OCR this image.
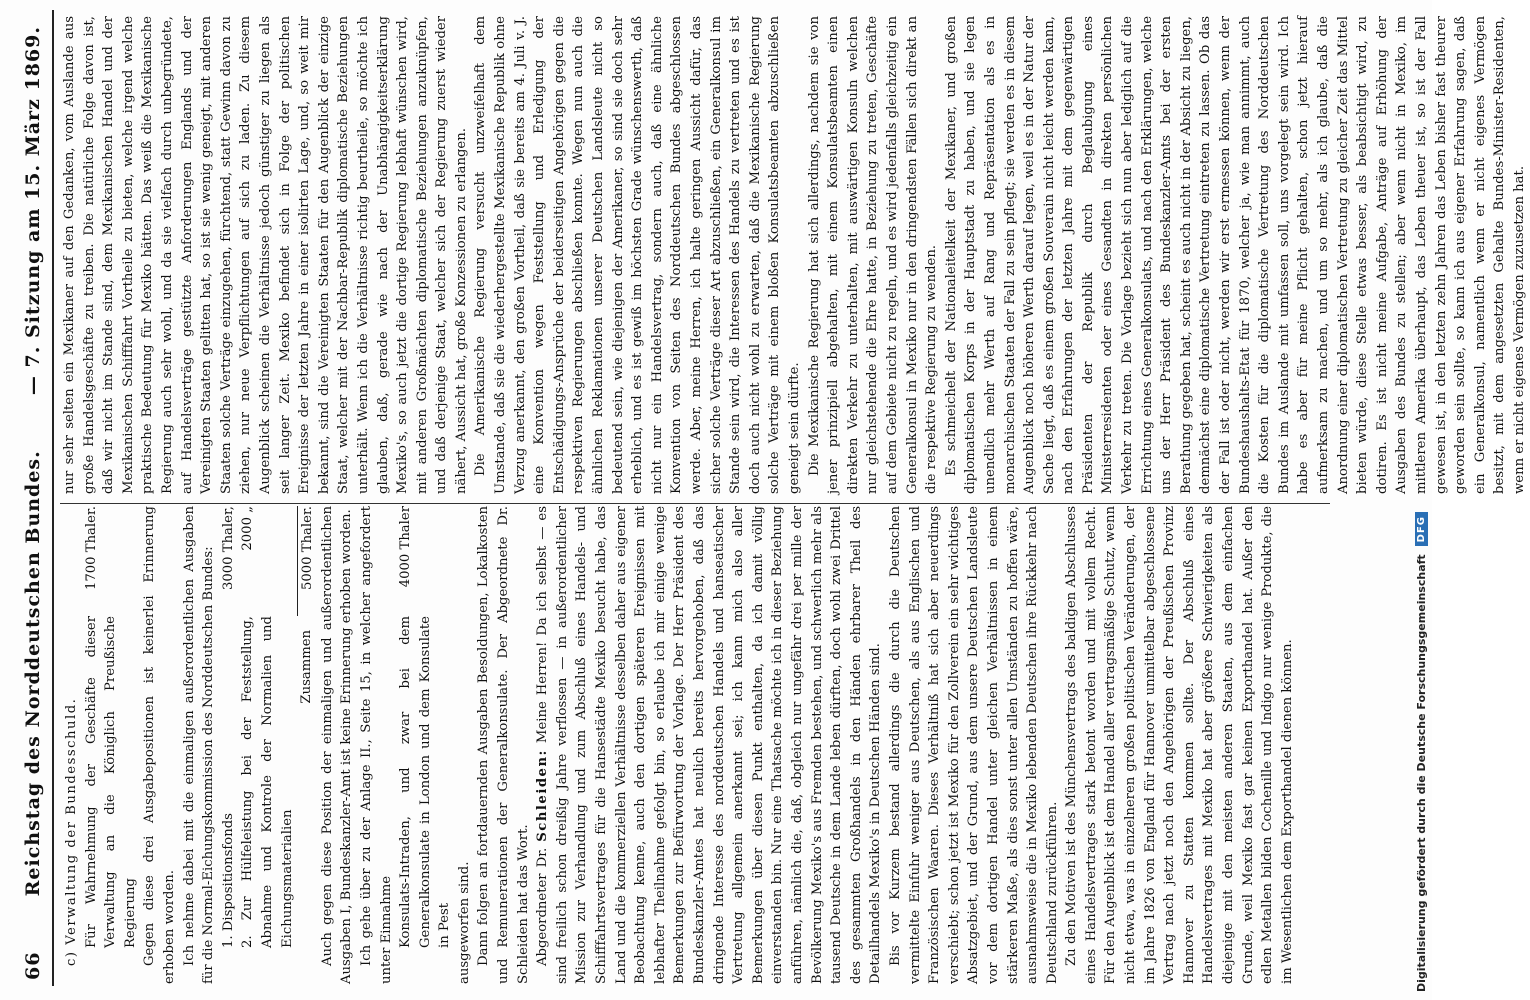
66
Reichstag des Norddeutschen Bundes.
— 7. Sitzung am 15. März 1869.
c) Verwaltung der Bundesschuld. Für Wahrnehmung der Geschäfte dieser Verwaltung an die Königlich Preußische Regierung
1700 Thaler.	Gegen diese drei Ausgabepositionen ist keinerlei Erinnerung erhoben worden. Ich nehme dabei mit die einmaligen außerordentlichen Ausgaben für die Normal-Eichungskommission des Norddeutschen Bundes: 1. Dispositionsfonds
3000 Thaler,
2. Zur Hülfeleistung bei der Feststellung, Abnahme und Kontrole der Normalien und Eichungsmaterialien
2000 „
Zusammen
5000 Thaler. Auch gegen diese Position der einmaligen und außerordentlichen Ausgaben I, Bundeskanzler-Amt ist keine Erinnerung erhoben worden. Ich gehe über zu der Anlage II., Seite 15, in welcher angefordert unter Einnahme Konsulats-Intraden, und zwar bei dem Generalkonsulate in London und dem Konsulate in Pest
4000 Thaler

ausgeworfen sind. Dann folgen an fortdauernden Ausgaben Besoldungen, Lokalkosten und Remunerationen der Generalkonsulate. Der Abgeordnete Dr. Schleiden hat das Wort. Abgeordneter Dr. Schleiden: Meine Herren! Da ich selbst — es sind freilich schon dreißig Jahre verflossen — in außerordentlicher Mission zur Verhandlung und zum Abschluß eines Handels- und Schifffahrtsvertrages für die Hansestädte Mexiko besucht habe, das Land und die kommerziellen Verhältnisse desselben daher aus eigener Beobachtung kenne, auch den dortigen späteren Ereignissen mit lebhafter Theilnahme gefolgt bin, so erlaube ich mir einige wenige Bemerkungen zur Befürwortung der Vorlage. Der Herr Präsident des Bundeskanzler-Amtes hat neulich bereits hervorgehoben, daß das dringende Interesse des norddeutschen Handels und hanseatischer Vertretung allgemein anerkannt sei; ich kann mich also aller Bemerkungen über diesen Punkt enthalten, da ich damit völlig einverstanden bin. Nur eine Thatsache möchte ich in dieser Beziehung anführen, nämlich die, daß, obgleich nur ungefähr drei per mille der Bevölkerung Mexiko's aus Fremden bestehen, und schwerlich mehr als tausend Deutsche in dem Lande leben dürften, doch wohl zwei Drittel des gesammten Großhandels in den Händen ehrbarer Theil des Detailhandels Mexiko's in Deutschen Händen sind. Bis vor Kurzem bestand allerdings die durch die Deutschen vermittelte Einfuhr weniger aus Deutschen, als aus Englischen und Französischen Waaren. Dieses Verhältniß hat sich aber neuerdings verschiebt; schon jetzt ist Mexiko für den Zollverein ein sehr wichtiges Absatzgebiet, und der Grund, aus dem unsere Deutschen Landsleute vor dem dortigen Handel unter gleichen Verhältnissen in einem stärkeren Maße, als dies sonst unter allen Umständen zu hoffen wäre, ausnahmsweise die in Mexiko lebenden Deutschen ihre Rückkehr nach Deutschland zurückführen. Zu den Motiven ist des Münchensvertrags des baldigen Abschlusses eines Handelsvertrages stark betont worden und mit vollem Recht. Für den Augenblick ist dem Handel aller vertragsmäßige Schutz, wenn nicht etwa, was in einzelneren großen politischen Veränderungen, der im Jahre 1826 von England für Hannover unmittelbar abgeschlossene Vertrag nach jetzt noch den Angehörigen der Preußischen Provinz Hannover zu Statten kommen sollte. Der Abschluß eines Handelsvertrages mit Mexiko hat aber größere Schwierigkeiten als diejenige mit den meisten anderen Staaten, aus dem einfachen Grunde, weil Mexiko fast gar keinen Exporthandel hat. Außer den edlen Metallen bilden Cochenille und Indigo nur wenige Produkte, die im Wesentlichen dem Exporthandel dienen können.

nur sehr selten ein Mexikaner auf den Gedanken, vom Auslande aus große Handelsgeschäfte zu treiben. Die natürliche Folge davon ist, daß wir nicht im Stande sind, dem Mexikanischen Handel und der Mexikanischen Schifffahrt Vortheile zu bieten, welche irgend welche praktische Bedeutung für Mexiko hätten. Das weiß die Mexikanische Regierung auch sehr wohl, und da sie vielfach durch unbegründete, auf Handelsverträge gestützte Anforderungen Englands und der Vereinigten Staaten gelitten hat, so ist sie wenig geneigt, mit anderen Staaten solche Verträge einzugehen, fürchtend, statt Gewinn davon zu ziehen, nur neue Verpflichtungen auf sich zu laden. Zu diesem Augenblick scheinen die Verhältnisse jedoch günstiger zu liegen als seit langer Zeit. Mexiko befindet sich in Folge der politischen Ereignisse der letzten Jahre in einer isolirten Lage, und, so weit mir bekannt, sind die Vereinigten Staaten für den Augenblick der einzige Staat, welcher mit der Nachbar-Republik diplomatische Beziehungen unterhält. Wenn ich die Verhältnisse richtig beurtheile, so möchte ich glauben, daß, gerade wie nach der Unabhängigkeitserklärung Mexiko's, so auch jetzt die dortige Regierung lebhaft wünschen wird, mit anderen Großmächten diplomatische Beziehungen anzuknüpfen, und daß derjenige Staat, welcher sich der Regierung zuerst wieder nähert, Aussicht hat, große Konzessionen zu erlangen. Die Amerikanische Regierung versucht unzweifelhaft dem Umstande, daß sie die wiederhergestellte Mexikanische Republik ohne Verzug anerkannt, den großen Vortheil, daß sie bereits am 4. Juli v. J. eine Konvention wegen Feststellung und Erledigung der Entschädigungs-Ansprüche der beiderseitigen Angehörigen gegen die respektiven Regierungen abschließen konnte. Wegen nun auch die ähnlichen Reklamationen unserer Deutschen Landsleute nicht so bedeutend sein, wie diejenigen der Amerikaner, so sind sie doch sehr erheblich, und es ist gewiß im höchsten Grade wünschenswerth, daß nicht nur ein Handelsvertrag, sondern auch, daß eine ähnliche Konvention von Seiten des Norddeutschen Bundes abgeschlossen werde. Aber, meine Herren, ich halte geringen Aussicht dafür, das sicher solche Verträge dieser Art abzuschließen, ein Generalkonsul im Stande sein wird, die Interessen des Handels zu vertreten und es ist doch auch nicht wohl zu erwarten, daß die Mexikanische Regierung solche Verträge mit einem bloßen Konsulatsbeamten abzuschließen geneigt sein dürfte. Die Mexikanische Regierung hat sich allerdings, nachdem sie von jener prinzipiell abgehalten, mit einem Konsulatsbeamten einen direkten Verkehr zu unterhalten, mit auswärtigen Konsuln welchen nur gleichstehende die Ehre hatte, in Beziehung zu treten, Geschäfte auf dem Gebiete nicht zu regeln, und es wird jedenfalls gleichzeitig ein Generalkonsul in Mexiko nur in den dringendsten Fällen sich direkt an die respektive Regierung zu wenden. Es schmeichelt der Nationaleitelkeit der Mexikaner, und großen diplomatischen Korps in der Hauptstadt zu haben, und sie legen unendlich mehr Werth auf Rang und Repräsentation als es in monarchischen Staaten der Fall zu sein pflegt; sie werden es in diesem Augenblick noch höheren Werth darauf legen, weil es in der Natur der Sache liegt, daß es einem großen Souverain nicht leicht werden kann, nach den Erfahrungen der letzten Jahre mit dem gegenwärtigen Präsidenten der Republik durch Beglaubigung eines Ministerresidenten oder eines Gesandten in direkten persönlichen Verkehr zu treten. Die Vorlage bezieht sich nun aber lediglich auf die Errichtung eines Generalkonsulats, und nach den Erklärungen, welche uns der Herr Präsident des Bundeskanzler-Amts bei der ersten Berathung gegeben hat, scheint es auch nicht in der Absicht zu liegen, demnächst eine diplomatische Vertretung eintreten zu lassen. Ob das der Fall ist oder nicht, werden wir erst ermessen können, wenn der Bundeshaushalts-Etat für 1870, welcher ja, wie man annimmt, auch die Kosten für die diplomatische Vertretung des Norddeutschen Bundes im Auslande mit umfassen soll, uns vorgelegt sein wird. Ich habe es aber für meine Pflicht gehalten, schon jetzt hierauf aufmerksam zu machen, und um so mehr, als ich glaube, daß die Anordnung einer diplomatischen Vertretung zu gleicher Zeit das Mittel bieten würde, diese Stelle etwas besser, als beabsichtigt wird, zu dotiren. Es ist nicht meine Aufgabe, Anträge auf Erhöhung der Ausgaben des Bundes zu stellen; aber wenn nicht in Mexiko, im mittleren Amerika überhaupt, das Leben theuer ist, so ist der Fall gewesen ist, in den letzten zehn Jahren das Leben bisher fast theurer geworden sein sollte, so kann ich aus eigener Erfahrung sagen, daß ein Generalkonsul, namentlich wenn er nicht eigenes Vermögen besitzt, mit dem angesetzten Gehalte Bundes-Minister-Residenten, wenn er nicht eigenes Vermögen zuzusetzen hat.

Digitalisierung gefördert durch die Deutsche Forschungsgemeinschaft
DFG
